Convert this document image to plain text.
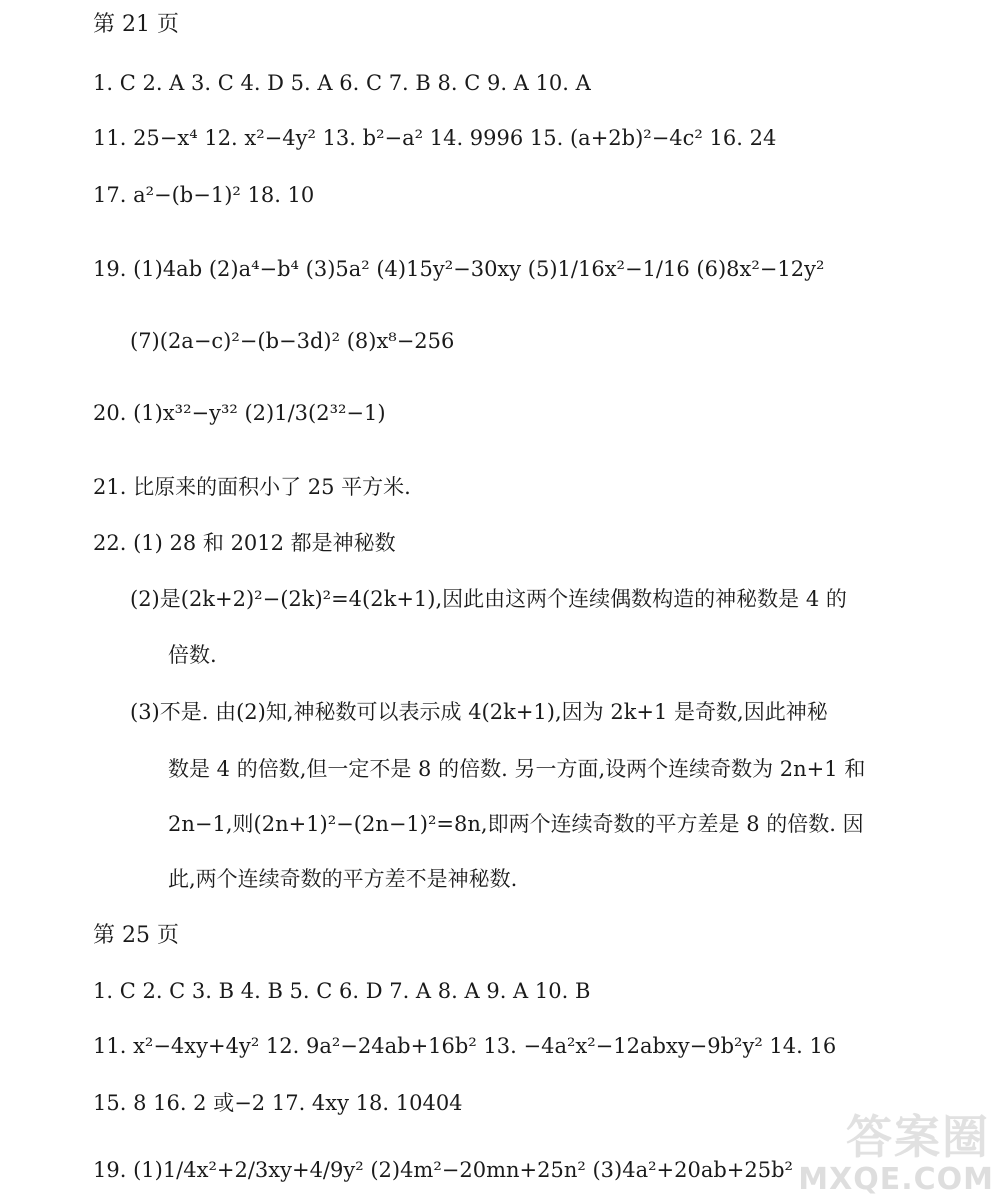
第 21 页
1. C 2. A 3. C 4. D 5. A 6. C 7. B 8. C 9. A 10. A
11. 25−x⁴ 12. x²−4y² 13. b²−a² 14. 9996 15. (a+2b)²−4c² 16. 24
17. a²−(b−1)² 18. 10
19. (1)4ab (2)a⁴−b⁴ (3)5a² (4)15y²−30xy (5)1/16x²−1/16 (6)8x²−12y²
(7)(2a−c)²−(b−3d)² (8)x⁸−256
20. (1)x³²−y³² (2)1/3(2³²−1)
21. 比原来的面积小了 25 平方米.
22. (1) 28 和 2012 都是神秘数
(2)是(2k+2)²−(2k)²=4(2k+1),因此由这两个连续偶数构造的神秘数是 4 的
倍数.
(3)不是. 由(2)知,神秘数可以表示成 4(2k+1),因为 2k+1 是奇数,因此神秘
数是 4 的倍数,但一定不是 8 的倍数. 另一方面,设两个连续奇数为 2n+1 和
2n−1,则(2n+1)²−(2n−1)²=8n,即两个连续奇数的平方差是 8 的倍数. 因
此,两个连续奇数的平方差不是神秘数.
第 25 页
1. C 2. C 3. B 4. B 5. C 6. D 7. A 8. A 9. A 10. B
11. x²−4xy+4y² 12. 9a²−24ab+16b² 13. −4a²x²−12abxy−9b²y² 14. 16
15. 8 16. 2 或−2 17. 4xy 18. 10404
19. (1)1/4x²+2/3xy+4/9y² (2)4m²−20mn+25n² (3)4a²+20ab+25b²
答案圈
MXQE.COM
